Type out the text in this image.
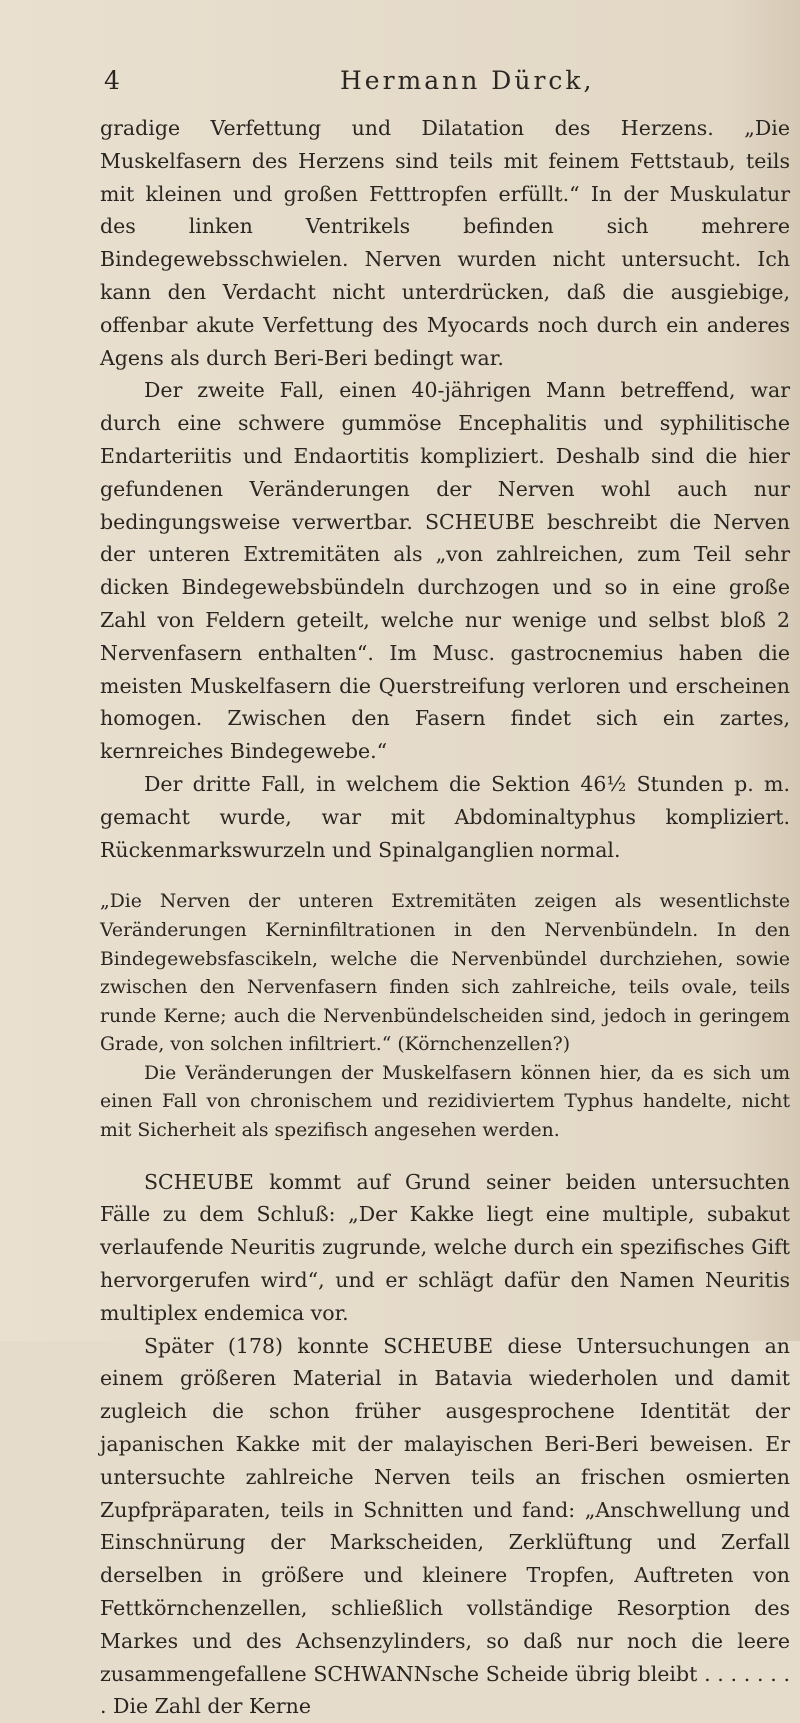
4	Hermann Dürck,

gradige Verfettung und Dilatation des Herzens. „Die Muskelfasern des Herzens sind teils mit feinem Fettstaub, teils mit kleinen und großen Fetttropfen erfüllt.“ In der Muskulatur des linken Ventrikels befinden sich mehrere Bindegewebsschwielen. Nerven wurden nicht untersucht. Ich kann den Verdacht nicht unterdrücken, daß die ausgiebige, offenbar akute Verfettung des Myocards noch durch ein anderes Agens als durch Beri-Beri bedingt war.

Der zweite Fall, einen 40-jährigen Mann betreffend, war durch eine schwere gummöse Encephalitis und syphilitische Endarteriitis und Endaortitis kompliziert. Deshalb sind die hier gefundenen Veränderungen der Nerven wohl auch nur bedingungsweise verwertbar. SCHEUBE beschreibt die Nerven der unteren Extremitäten als „von zahlreichen, zum Teil sehr dicken Bindegewebsbündeln durchzogen und so in eine große Zahl von Feldern geteilt, welche nur wenige und selbst bloß 2 Nervenfasern enthalten“. Im Musc. gastrocnemius haben die meisten Muskelfasern die Querstreifung verloren und erscheinen homogen. Zwischen den Fasern findet sich ein zartes, kernreiches Bindegewebe.“

Der dritte Fall, in welchem die Sektion 46½ Stunden p. m. gemacht wurde, war mit Abdominaltyphus kompliziert. Rückenmarkswurzeln und Spinalganglien normal.

„Die Nerven der unteren Extremitäten zeigen als wesentlichste Veränderungen Kerninfiltrationen in den Nervenbündeln. In den Bindegewebsfascikeln, welche die Nervenbündel durchziehen, sowie zwischen den Nervenfasern finden sich zahlreiche, teils ovale, teils runde Kerne; auch die Nervenbündelscheiden sind, jedoch in geringem Grade, von solchen infiltriert.“ (Körnchenzellen?)

Die Veränderungen der Muskelfasern können hier, da es sich um einen Fall von chronischem und rezidiviertem Typhus handelte, nicht mit Sicherheit als spezifisch angesehen werden.

SCHEUBE kommt auf Grund seiner beiden untersuchten Fälle zu dem Schluß: „Der Kakke liegt eine multiple, subakut verlaufende Neuritis zugrunde, welche durch ein spezifisches Gift hervorgerufen wird“, und er schlägt dafür den Namen Neuritis multiplex endemica vor.

Später (178) konnte SCHEUBE diese Untersuchungen an einem größeren Material in Batavia wiederholen und damit zugleich die schon früher ausgesprochene Identität der japanischen Kakke mit der malayischen Beri-Beri beweisen. Er untersuchte zahlreiche Nerven teils an frischen osmierten Zupfpräparaten, teils in Schnitten und fand: „Anschwellung und Einschnürung der Markscheiden, Zerklüftung und Zerfall derselben in größere und kleinere Tropfen, Auftreten von Fettkörnchenzellen, schließlich vollständige Resorption des Markes und des Achsenzylinders, so daß nur noch die leere zusammengefallene SCHWANNsche Scheide übrig bleibt . . . . . . . . Die Zahl der Kerne
